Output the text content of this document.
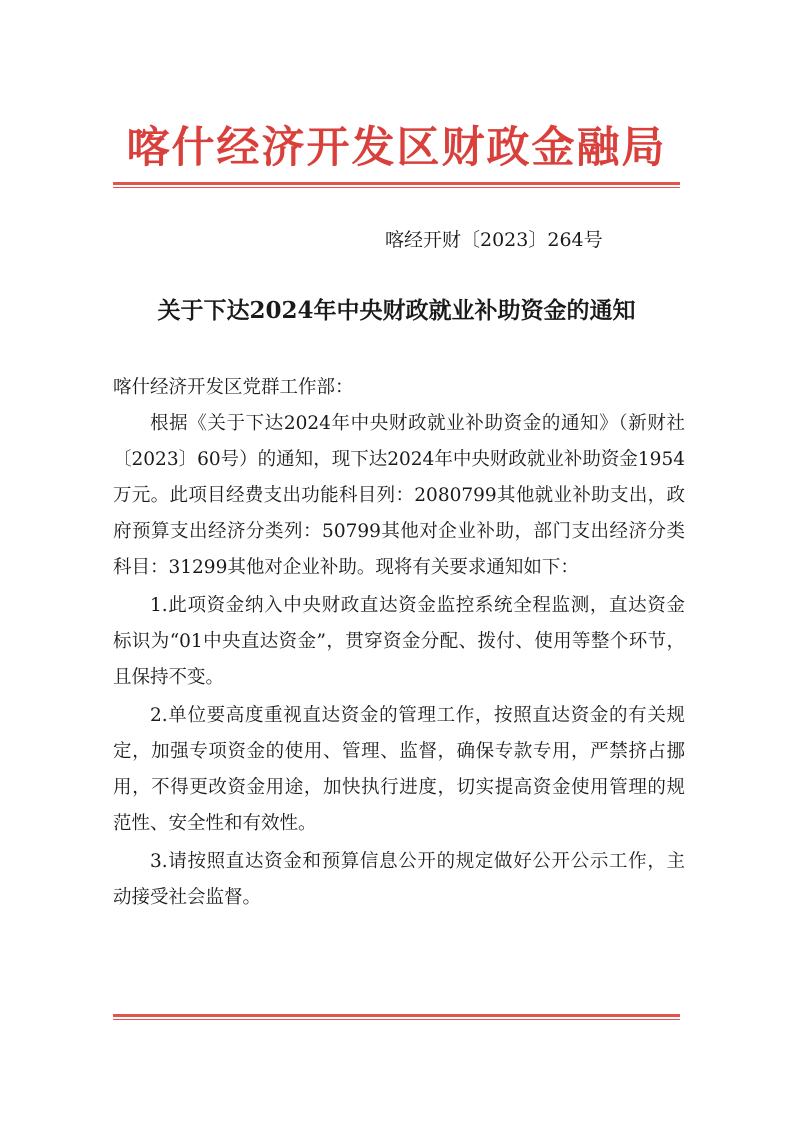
喀什经济开发区财政金融局
喀经开财〔2023〕264号
关于下达2024年中央财政就业补助资金的通知

喀什经济开发区党群工作部：

根据《关于下达2024年中央财政就业补助资金的通知》（新财社〔2023〕60号）的通知，现下达2024年中央财政就业补助资金1954万元。此项目经费支出功能科目列：2080799其他就业补助支出，政府预算支出经济分类列：50799其他对企业补助，部门支出经济分类科目：31299其他对企业补助。现将有关要求通知如下：

1.此项资金纳入中央财政直达资金监控系统全程监测，直达资金标识为“01中央直达资金”，贯穿资金分配、拨付、使用等整个环节，且保持不变。

2.单位要高度重视直达资金的管理工作，按照直达资金的有关规定，加强专项资金的使用、管理、监督，确保专款专用，严禁挤占挪用，不得更改资金用途，加快执行进度，切实提高资金使用管理的规范性、安全性和有效性。

3.请按照直达资金和预算信息公开的规定做好公开公示工作，主动接受社会监督。
